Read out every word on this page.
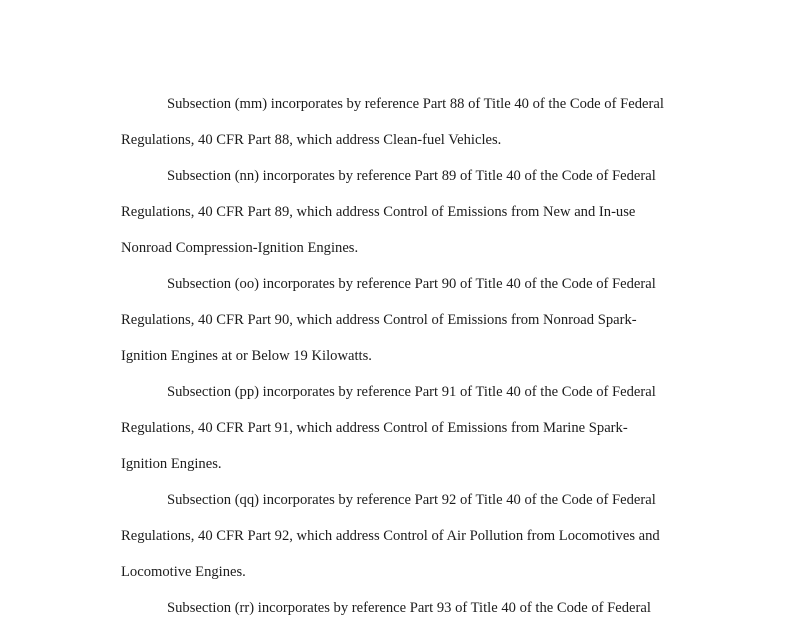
Subsection (mm) incorporates by reference Part 88 of Title 40 of the Code of Federal
Regulations, 40 CFR Part 88, which address Clean-fuel Vehicles.
Subsection (nn) incorporates by reference Part 89 of Title 40 of the Code of Federal
Regulations, 40 CFR Part 89, which address Control of Emissions from New and In-use
Nonroad Compression-Ignition Engines.
Subsection (oo) incorporates by reference Part 90 of Title 40 of the Code of Federal
Regulations, 40 CFR Part 90, which address Control of Emissions from Nonroad Spark-
Ignition Engines at or Below 19 Kilowatts.
Subsection (pp) incorporates by reference Part 91 of Title 40 of the Code of Federal
Regulations, 40 CFR Part 91, which address Control of Emissions from Marine Spark-
Ignition Engines.
Subsection (qq) incorporates by reference Part 92 of Title 40 of the Code of Federal
Regulations, 40 CFR Part 92, which address Control of Air Pollution from Locomotives and
Locomotive Engines.
Subsection (rr) incorporates by reference Part 93 of Title 40 of the Code of Federal
